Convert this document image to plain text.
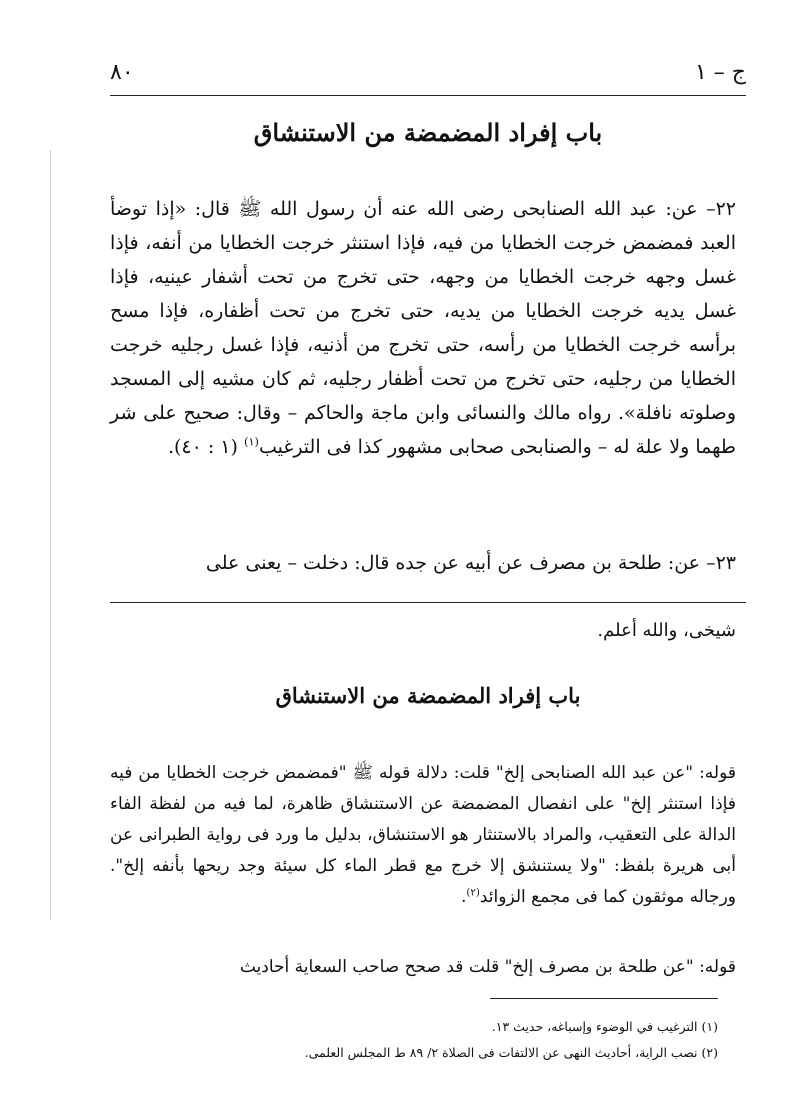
ج – ١
٨٠
باب إفراد المضمضة من الاستنشاق
٢٢– عن: عبد الله الصنابحى رضى الله عنه أن رسول الله ﷺ قال: «إذا توضأ العبد فمضمض خرجت الخطايا من فيه، فإذا استنثر خرجت الخطايا من أنفه، فإذا غسل وجهه خرجت الخطايا من وجهه، حتى تخرج من تحت أشفار عينيه، فإذا غسل يديه خرجت الخطايا من يديه، حتى تخرج من تحت أظفاره، فإذا مسح برأسه خرجت الخطايا من رأسه، حتى تخرج من أذنيه، فإذا غسل رجليه خرجت الخطايا من رجليه، حتى تخرج من تحت أظفار رجليه، ثم كان مشيه إلى المسجد وصلوته نافلة». رواه مالك والنسائى وابن ماجة والحاكم – وقال: صحيح على شر طهما ولا علة له – والصنابحى صحابى مشهور كذا فى الترغيب$^{(١)}$ (١ : ٤٠).
٢٣– عن: طلحة بن مصرف عن أبيه عن جده قال: دخلت – يعنى على
شيخى، والله أعلم.
باب إفراد المضمضة من الاستنشاق
قوله: "عن عبد الله الصنابحى إلخ" قلت: دلالة قوله ﷺ "فمضمض خرجت الخطايا من فيه فإذا استنثر إلخ" على انفصال المضمضة عن الاستنشاق ظاهرة، لما فيه من لفظة الفاء الدالة على التعقيب، والمراد بالاستنثار هو الاستنشاق، بدليل ما ورد فى رواية الطبرانى عن أبى هريرة بلفظ: "ولا يستنشق إلا خرج مع قطر الماء كل سيئة وجد ريحها بأنفه إلخ". ورجاله موثقون كما فى مجمع الزوائد$^{(٢)}$.
قوله: "عن طلحة بن مصرف إلخ" قلت قد صحح صاحب السعاية أحاديث
(١) الترغيب في الوضوء وإسباغه، حديث ١٣.
(٢) نصب الراية، أحاديث النهى عن الالتفات فى الصلاة ٢/ ٨٩ ط المجلس العلمى.
